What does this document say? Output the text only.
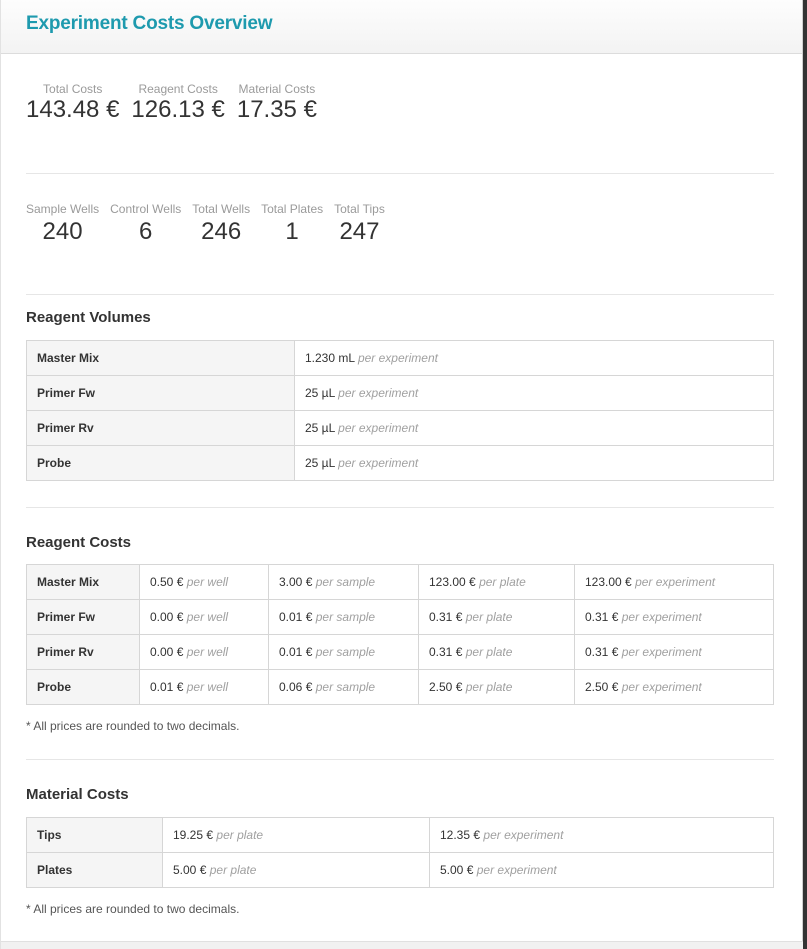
Experiment Costs Overview
Total Costs
143.48 €
Reagent Costs
126.13 €
Material Costs
17.35 €
Sample Wells
240
Control Wells
6
Total Wells
246
Total Plates
1
Total Tips
247
Reagent Volumes
Master Mix	1.230 mL per experiment
Primer Fw	25 µL per experiment
Primer Rv	25 µL per experiment
Probe	25 µL per experiment
Reagent Costs
Master Mix	0.50 € per well	3.00 € per sample	123.00 € per plate	123.00 € per experiment
Primer Fw	0.00 € per well	0.01 € per sample	0.31 € per plate	0.31 € per experiment
Primer Rv	0.00 € per well	0.01 € per sample	0.31 € per plate	0.31 € per experiment
Probe	0.01 € per well	0.06 € per sample	2.50 € per plate	2.50 € per experiment
* All prices are rounded to two decimals.
Material Costs
Tips	19.25 € per plate	12.35 € per experiment
Plates	5.00 € per plate	5.00 € per experiment
* All prices are rounded to two decimals.
